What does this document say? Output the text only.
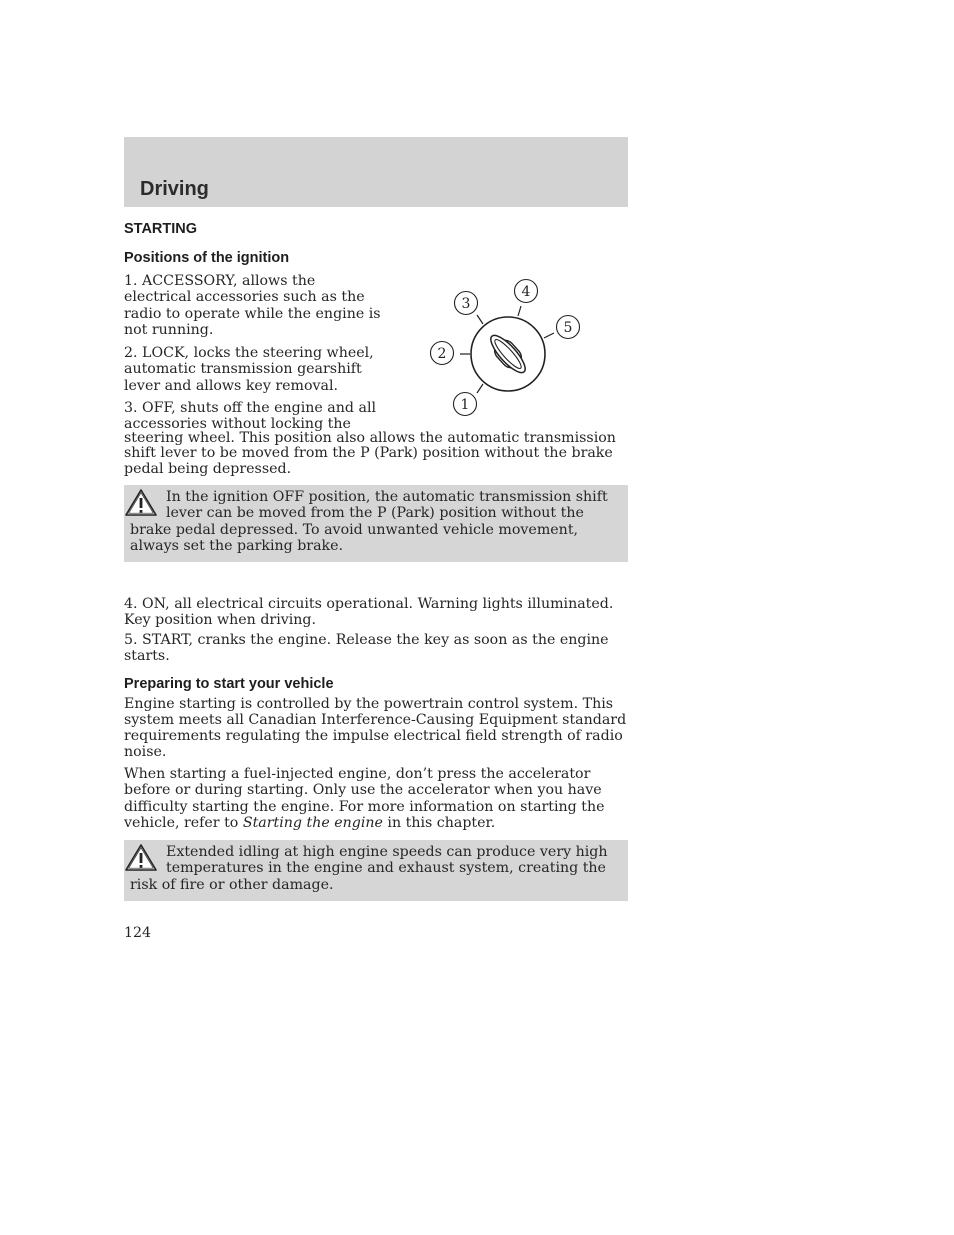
Driving
STARTING
Positions of the ignition

1. ACCESSORY, allows the electrical accessories such as the radio to operate while the engine is not running.

2. LOCK, locks the steering wheel, automatic transmission gearshift lever and allows key removal.

3. OFF, shuts off the engine and all

accessories without locking the

steering wheel. This position also allows the automatic transmission shift lever to be moved from the P (Park) position without the brake pedal being depressed.

1
2
3
4
5

In the ignition OFF position, the automatic transmission shift lever can be moved from the P (Park) position without the brake pedal depressed. To avoid unwanted vehicle movement, always set the parking brake.

4. ON, all electrical circuits operational. Warning lights illuminated. Key position when driving.

5. START, cranks the engine. Release the key as soon as the engine starts.

Preparing to start your vehicle

Engine starting is controlled by the powertrain control system. This system meets all Canadian Interference-Causing Equipment standard requirements regulating the impulse electrical field strength of radio noise.

When starting a fuel-injected engine, don’t press the accelerator before or during starting. Only use the accelerator when you have difficulty starting the engine. For more information on starting the vehicle, refer to Starting the engine in this chapter.

Extended idling at high engine speeds can produce very high temperatures in the engine and exhaust system, creating the risk of fire or other damage.

124
